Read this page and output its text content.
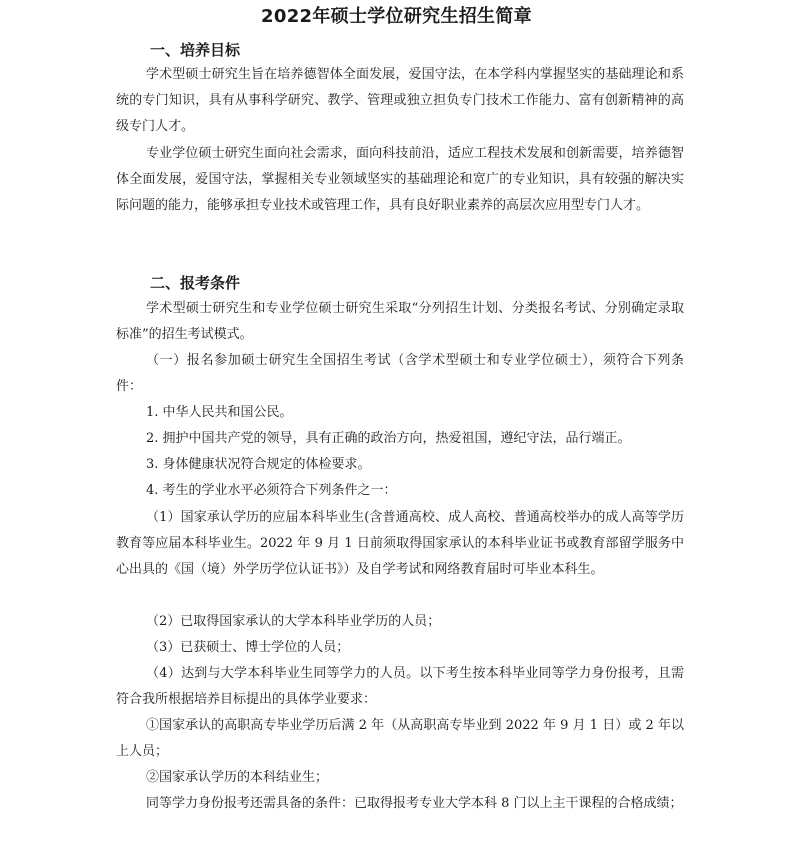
2022年硕士学位研究生招生简章
一、培养目标
学术型硕士研究生旨在培养德智体全面发展，爱国守法，在本学科内掌握坚实的基础理论和系统的专门知识，具有从事科学研究、教学、管理或独立担负专门技术工作能力、富有创新精神的高级专门人才。
专业学位硕士研究生面向社会需求，面向科技前沿，适应工程技术发展和创新需要，培养德智体全面发展，爱国守法，掌握相关专业领域坚实的基础理论和宽广的专业知识，具有较强的解决实际问题的能力，能够承担专业技术或管理工作，具有良好职业素养的高层次应用型专门人才。
二、报考条件
学术型硕士研究生和专业学位硕士研究生采取“分列招生计划、分类报名考试、分别确定录取标准”的招生考试模式。
（一）报名参加硕士研究生全国招生考试（含学术型硕士和专业学位硕士），须符合下列条件：
1. 中华人民共和国公民。
2. 拥护中国共产党的领导，具有正确的政治方向，热爱祖国，遵纪守法，品行端正。
3. 身体健康状况符合规定的体检要求。
4. 考生的学业水平必须符合下列条件之一：
（1）国家承认学历的应届本科毕业生(含普通高校、成人高校、普通高校举办的成人高等学历教育等应届本科毕业生。2022 年 9 月 1 日前须取得国家承认的本科毕业证书或教育部留学服务中心出具的《国（境）外学历学位认证书》）及自学考试和网络教育届时可毕业本科生。
（2）已取得国家承认的大学本科毕业学历的人员；
（3）已获硕士、博士学位的人员；
（4）达到与大学本科毕业生同等学力的人员。以下考生按本科毕业同等学力身份报考，且需符合我所根据培养目标提出的具体学业要求：
①国家承认的高职高专毕业学历后满 2 年（从高职高专毕业到 2022 年 9 月 1 日）或 2 年以上人员；
②国家承认学历的本科结业生；
同等学力身份报考还需具备的条件：已取得报考专业大学本科 8 门以上主干课程的合格成绩；
